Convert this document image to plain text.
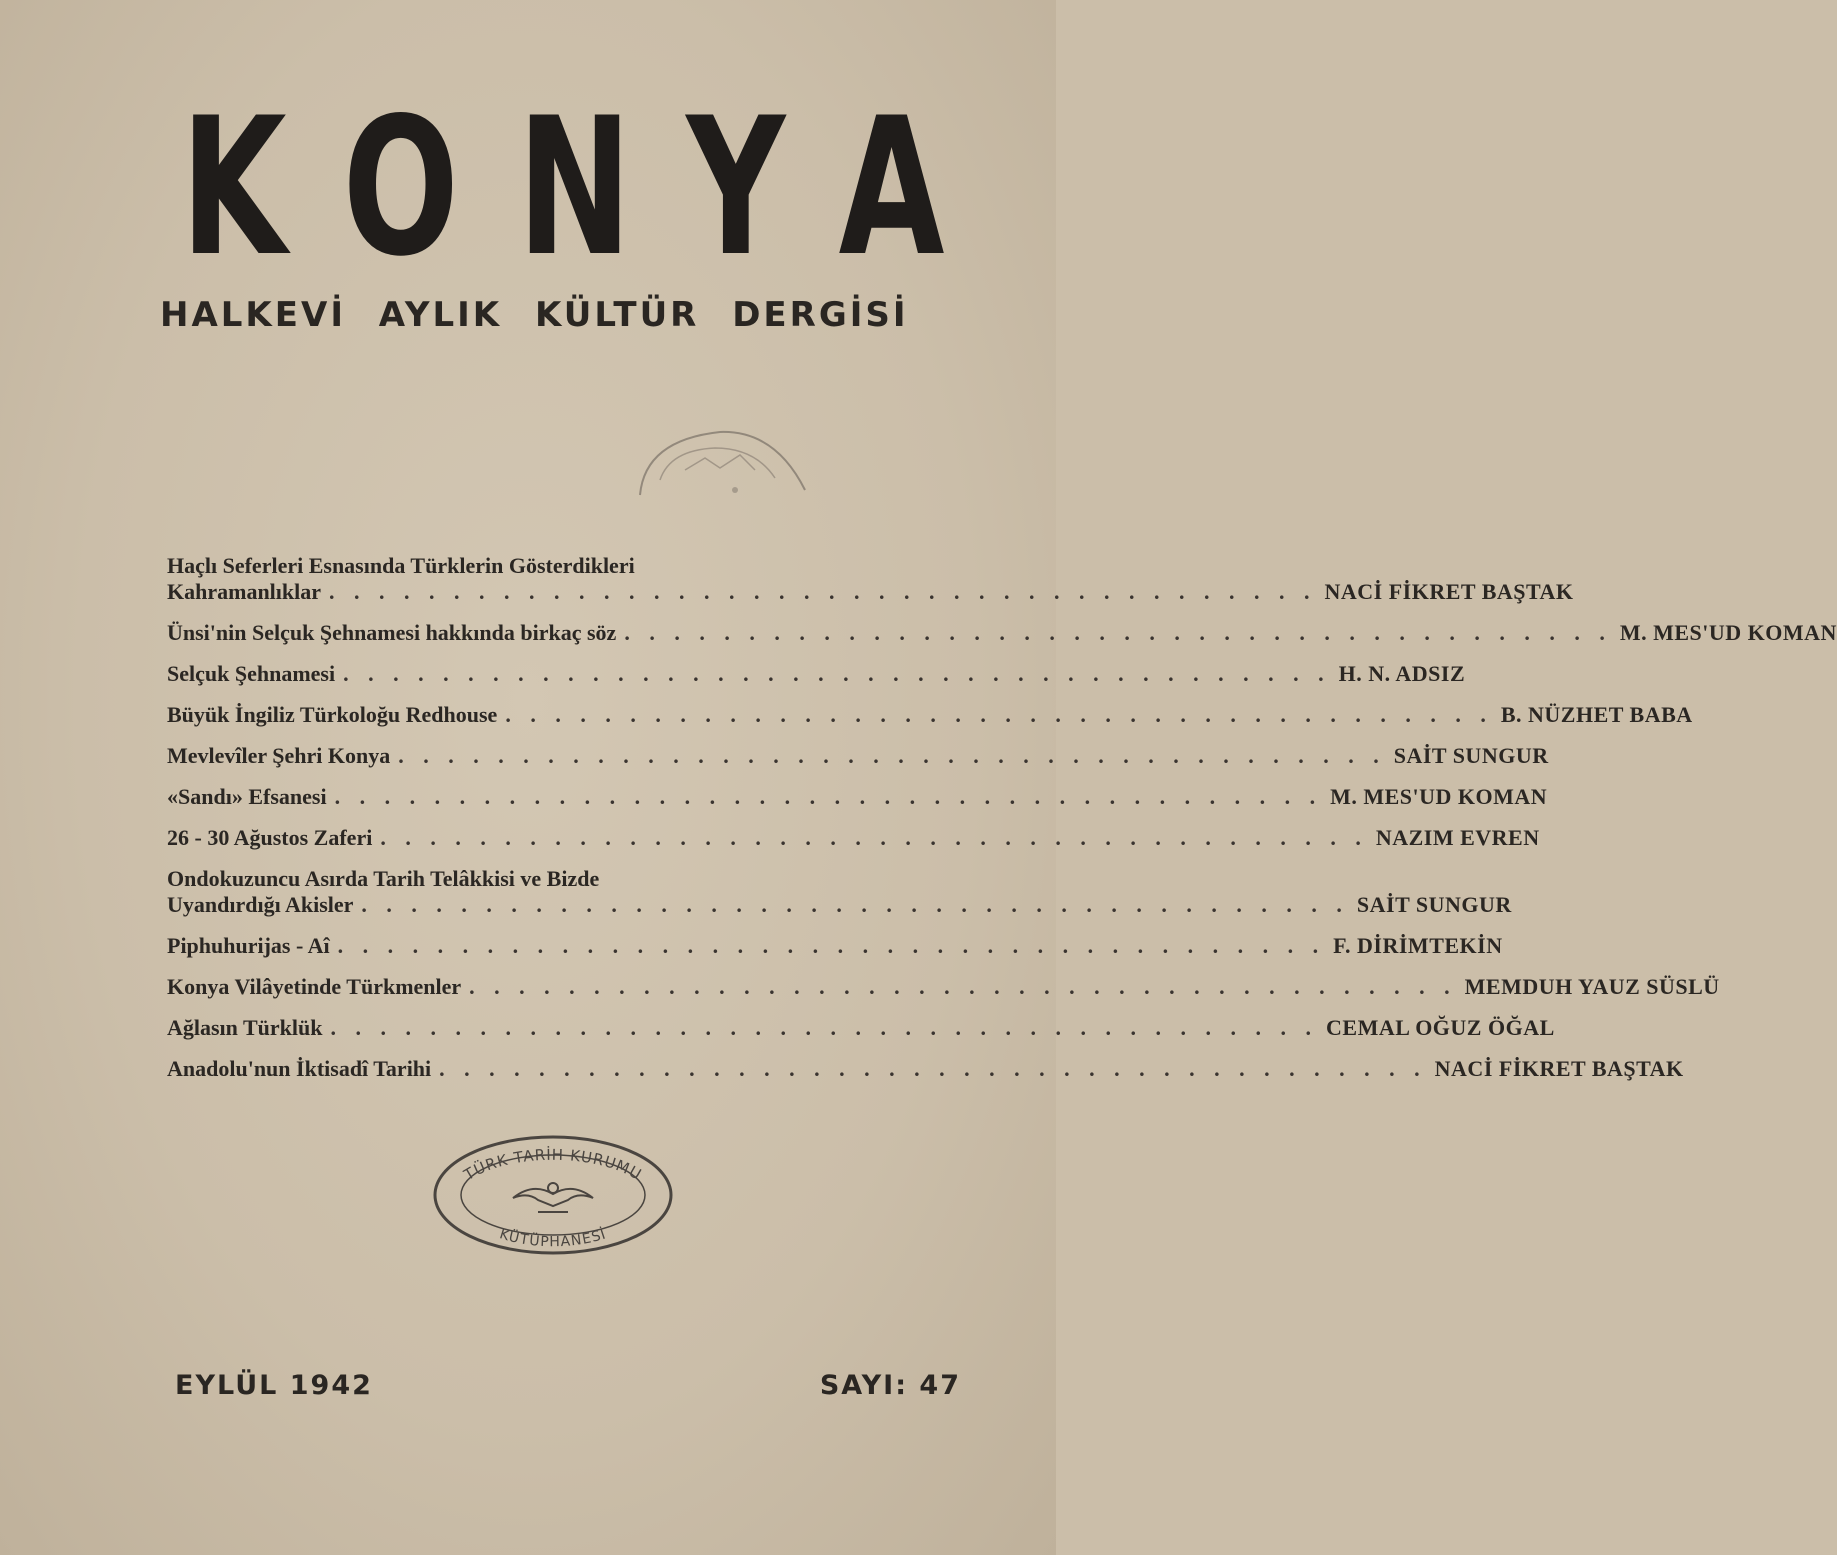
K O N Y A
HALKEVİ AYLIK KÜLTÜR DERGİSİ
Haçlı Seferleri Esnasında Türklerin Gösterdikleri
Kahramanlıklar . . . . . . . . . . . . . . . . . . . . . . . . . . . . . . . . . . . . . . . . NACİ FİKRET BAŞTAK
Ünsi'nin Selçuk Şehnamesi hakkında birkaç söz . . . . . . . . . . . . . . . . . . . . . . . . . . . . . . . . . . . . . . . . M. MES'UD KOMAN
Selçuk Şehnamesi . . . . . . . . . . . . . . . . . . . . . . . . . . . . . . . . . . . . . . . . H. N. ADSIZ
Büyük İngiliz Türkoloğu Redhouse . . . . . . . . . . . . . . . . . . . . . . . . . . . . . . . . . . . . . . . . B. NÜZHET BABA
Mevlevîler Şehri Konya . . . . . . . . . . . . . . . . . . . . . . . . . . . . . . . . . . . . . . . . SAİT SUNGUR
«Sandı» Efsanesi . . . . . . . . . . . . . . . . . . . . . . . . . . . . . . . . . . . . . . . . M. MES'UD KOMAN
26 - 30 Ağustos Zaferi . . . . . . . . . . . . . . . . . . . . . . . . . . . . . . . . . . . . . . . . NAZIM EVREN
Ondokuzuncu Asırda Tarih Telâkkisi ve Bizde
Uyandırdığı Akisler . . . . . . . . . . . . . . . . . . . . . . . . . . . . . . . . . . . . . . . . SAİT SUNGUR
Piphuhurijas - Aî . . . . . . . . . . . . . . . . . . . . . . . . . . . . . . . . . . . . . . . . F. DİRİMTEKİN
Konya Vilâyetinde Türkmenler . . . . . . . . . . . . . . . . . . . . . . . . . . . . . . . . . . . . . . . . MEMDUH YAUZ SÜSLÜ
Ağlasın Türklük . . . . . . . . . . . . . . . . . . . . . . . . . . . . . . . . . . . . . . . . CEMAL OĞUZ ÖĞAL
Anadolu'nun İktisadî Tarihi . . . . . . . . . . . . . . . . . . . . . . . . . . . . . . . . . . . . . . . . NACİ FİKRET BAŞTAK
TÜRK TARİH KURUMU
KÜTÜPHANESİ
EYLÜL 1942	SAYI: 47
